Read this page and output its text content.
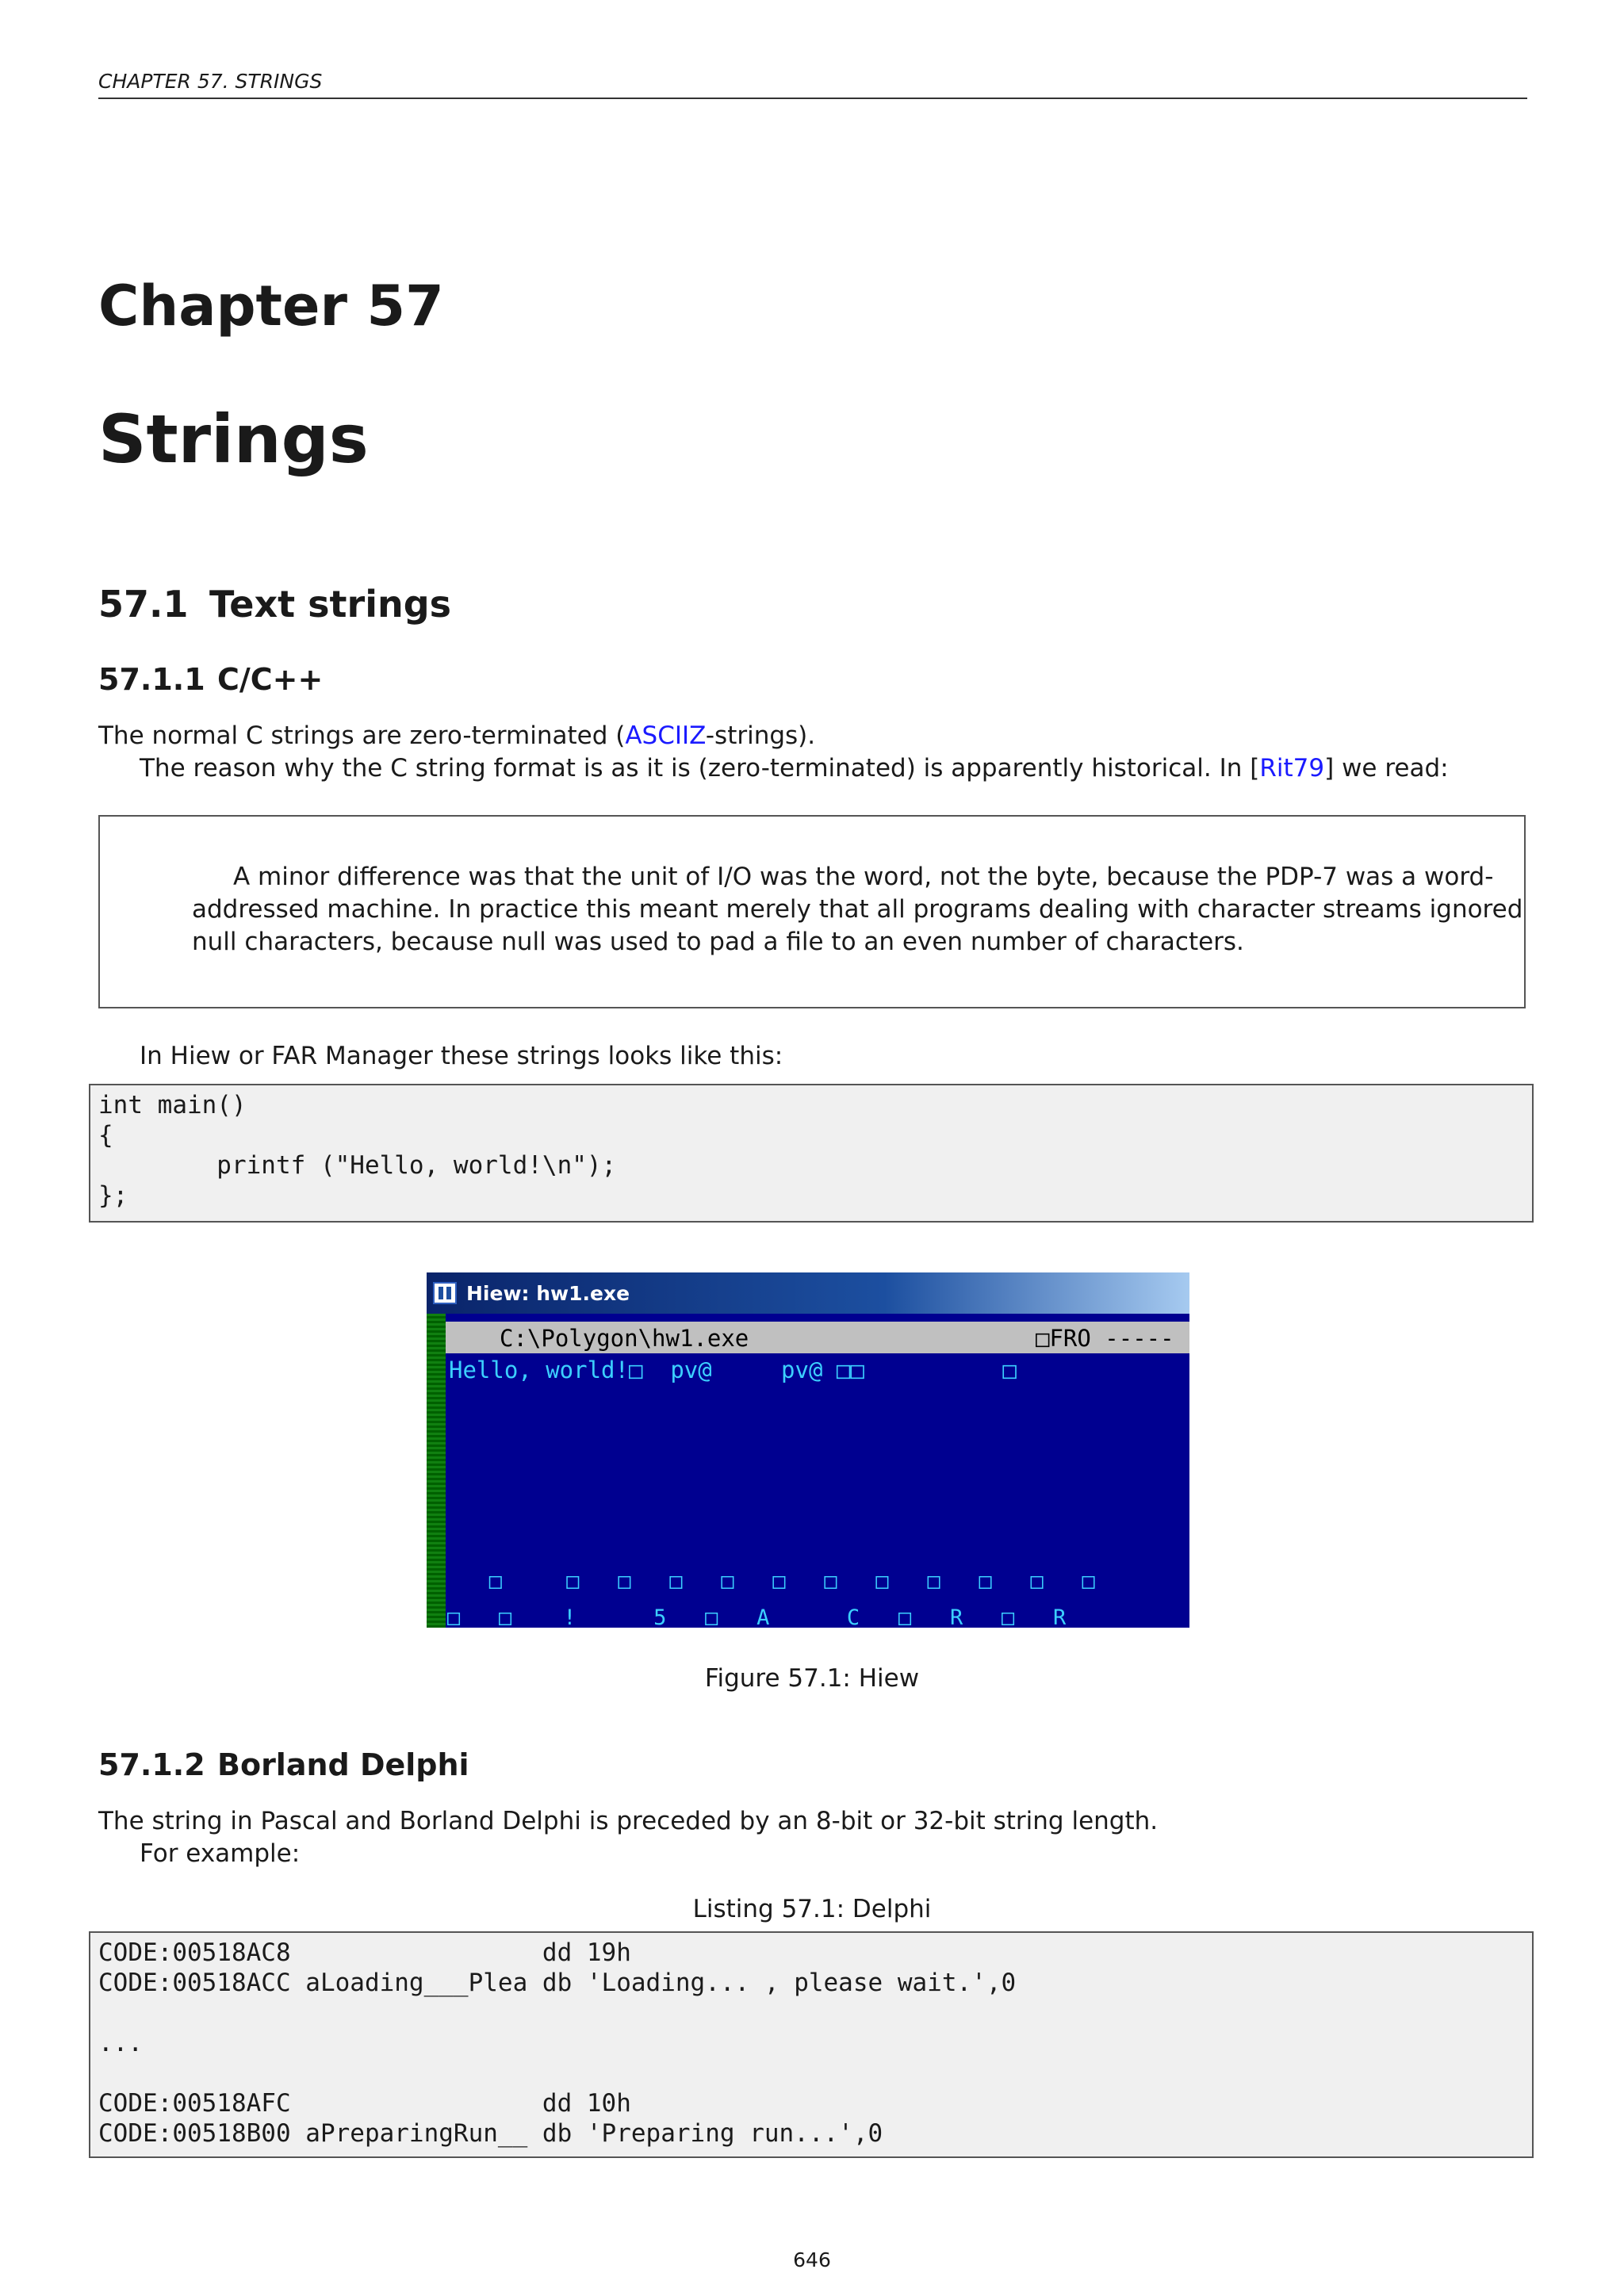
CHAPTER 57. STRINGS
Chapter 57
Strings
57.1 Text strings
57.1.1 C/C++

The normal C strings are zero-terminated (ASCIIZ-strings).

The reason why the C string format is as it is (zero-terminated) is apparently historical. In [Rit79] we read:

A minor difference was that the unit of I/O was the word, not the byte, because the PDP-7 was a word-addressed machine. In practice this meant merely that all programs dealing with character streams ignored null characters, because null was used to pad a file to an even number of characters.

In Hiew or FAR Manager these strings looks like this:

int main()
{
printf ("Hello, world!\n");
};
Hiew: hw1.exe

C:\Polygon\hw1.exe

	□FRO -----

Hello, world!□  pv@     pv@ □□          □
□     □   □   □   □   □   □   □   □   □   □   □
□   □    !      5   □   A      C   □   R   □   R

Figure 57.1: Hiew

57.1.2 Borland Delphi

The string in Pascal and Borland Delphi is preceded by an 8-bit or 32-bit string length.

For example:

Listing 57.1: Delphi

CODE:00518AC8                 dd 19h
CODE:00518ACC aLoading___Plea db 'Loading... , please wait.',0
...
CODE:00518AFC                 dd 10h
CODE:00518B00 aPreparingRun__ db 'Preparing run...',0
646
